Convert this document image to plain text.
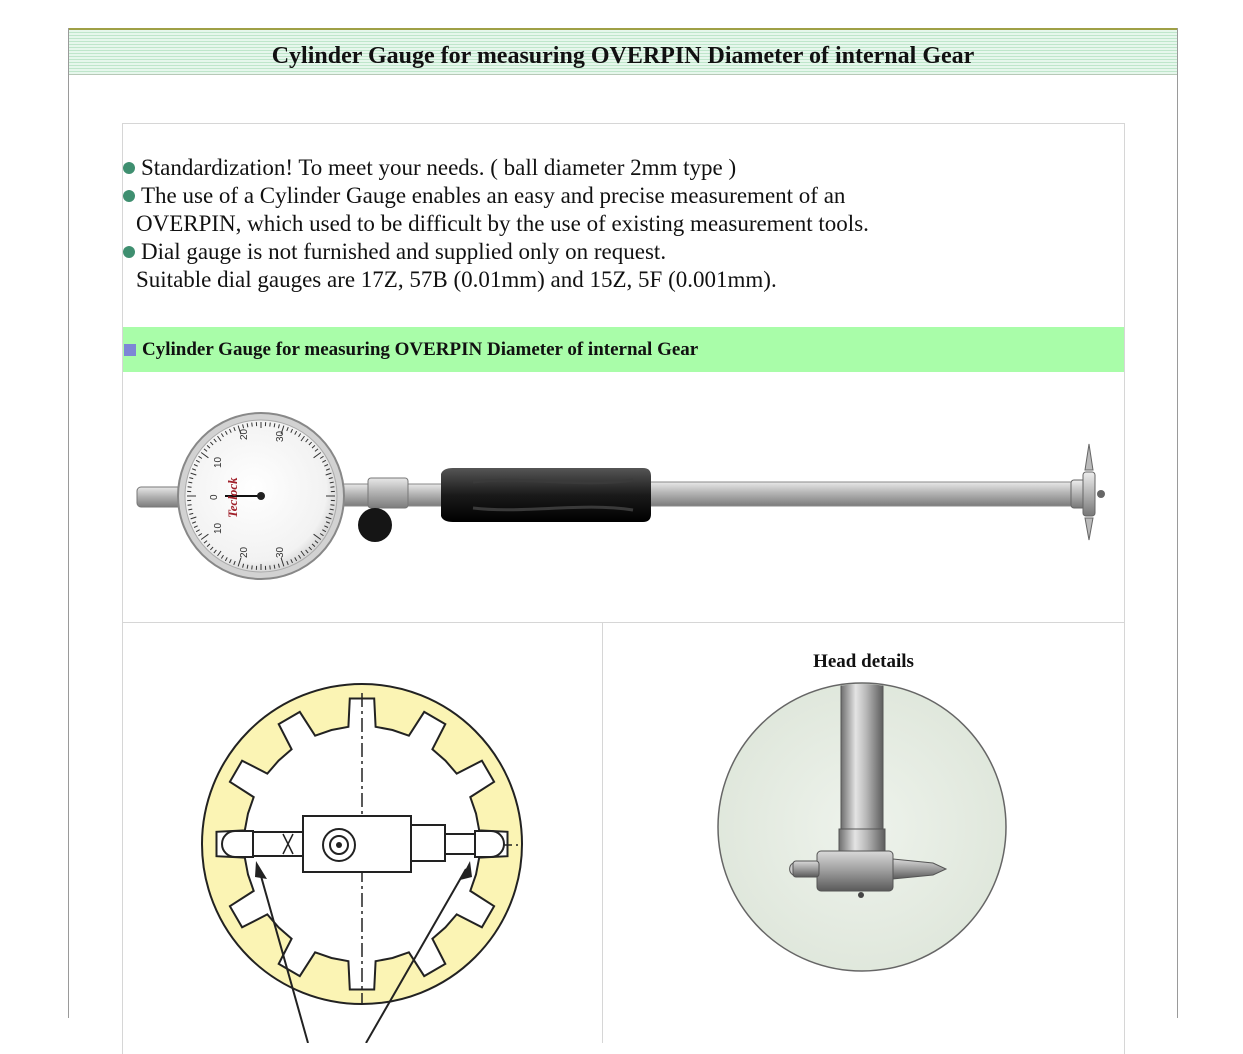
Cylinder Gauge for measuring OVERPIN Diameter of internal Gear
Standardization! To meet your needs. ( ball diameter 2mm type )
The use of a Cylinder Gauge enables an easy and precise measurement of an
OVERPIN, which used to be difficult by the use of existing measurement tools.
Dial gauge is not furnished and supplied only on request.
Suitable dial gauges are 17Z, 57B (0.01mm) and 15Z, 5F (0.001mm).
Cylinder Gauge for measuring OVERPIN Diameter of internal Gear
10
20	30
10
20	30
0 Teclock
Head details
